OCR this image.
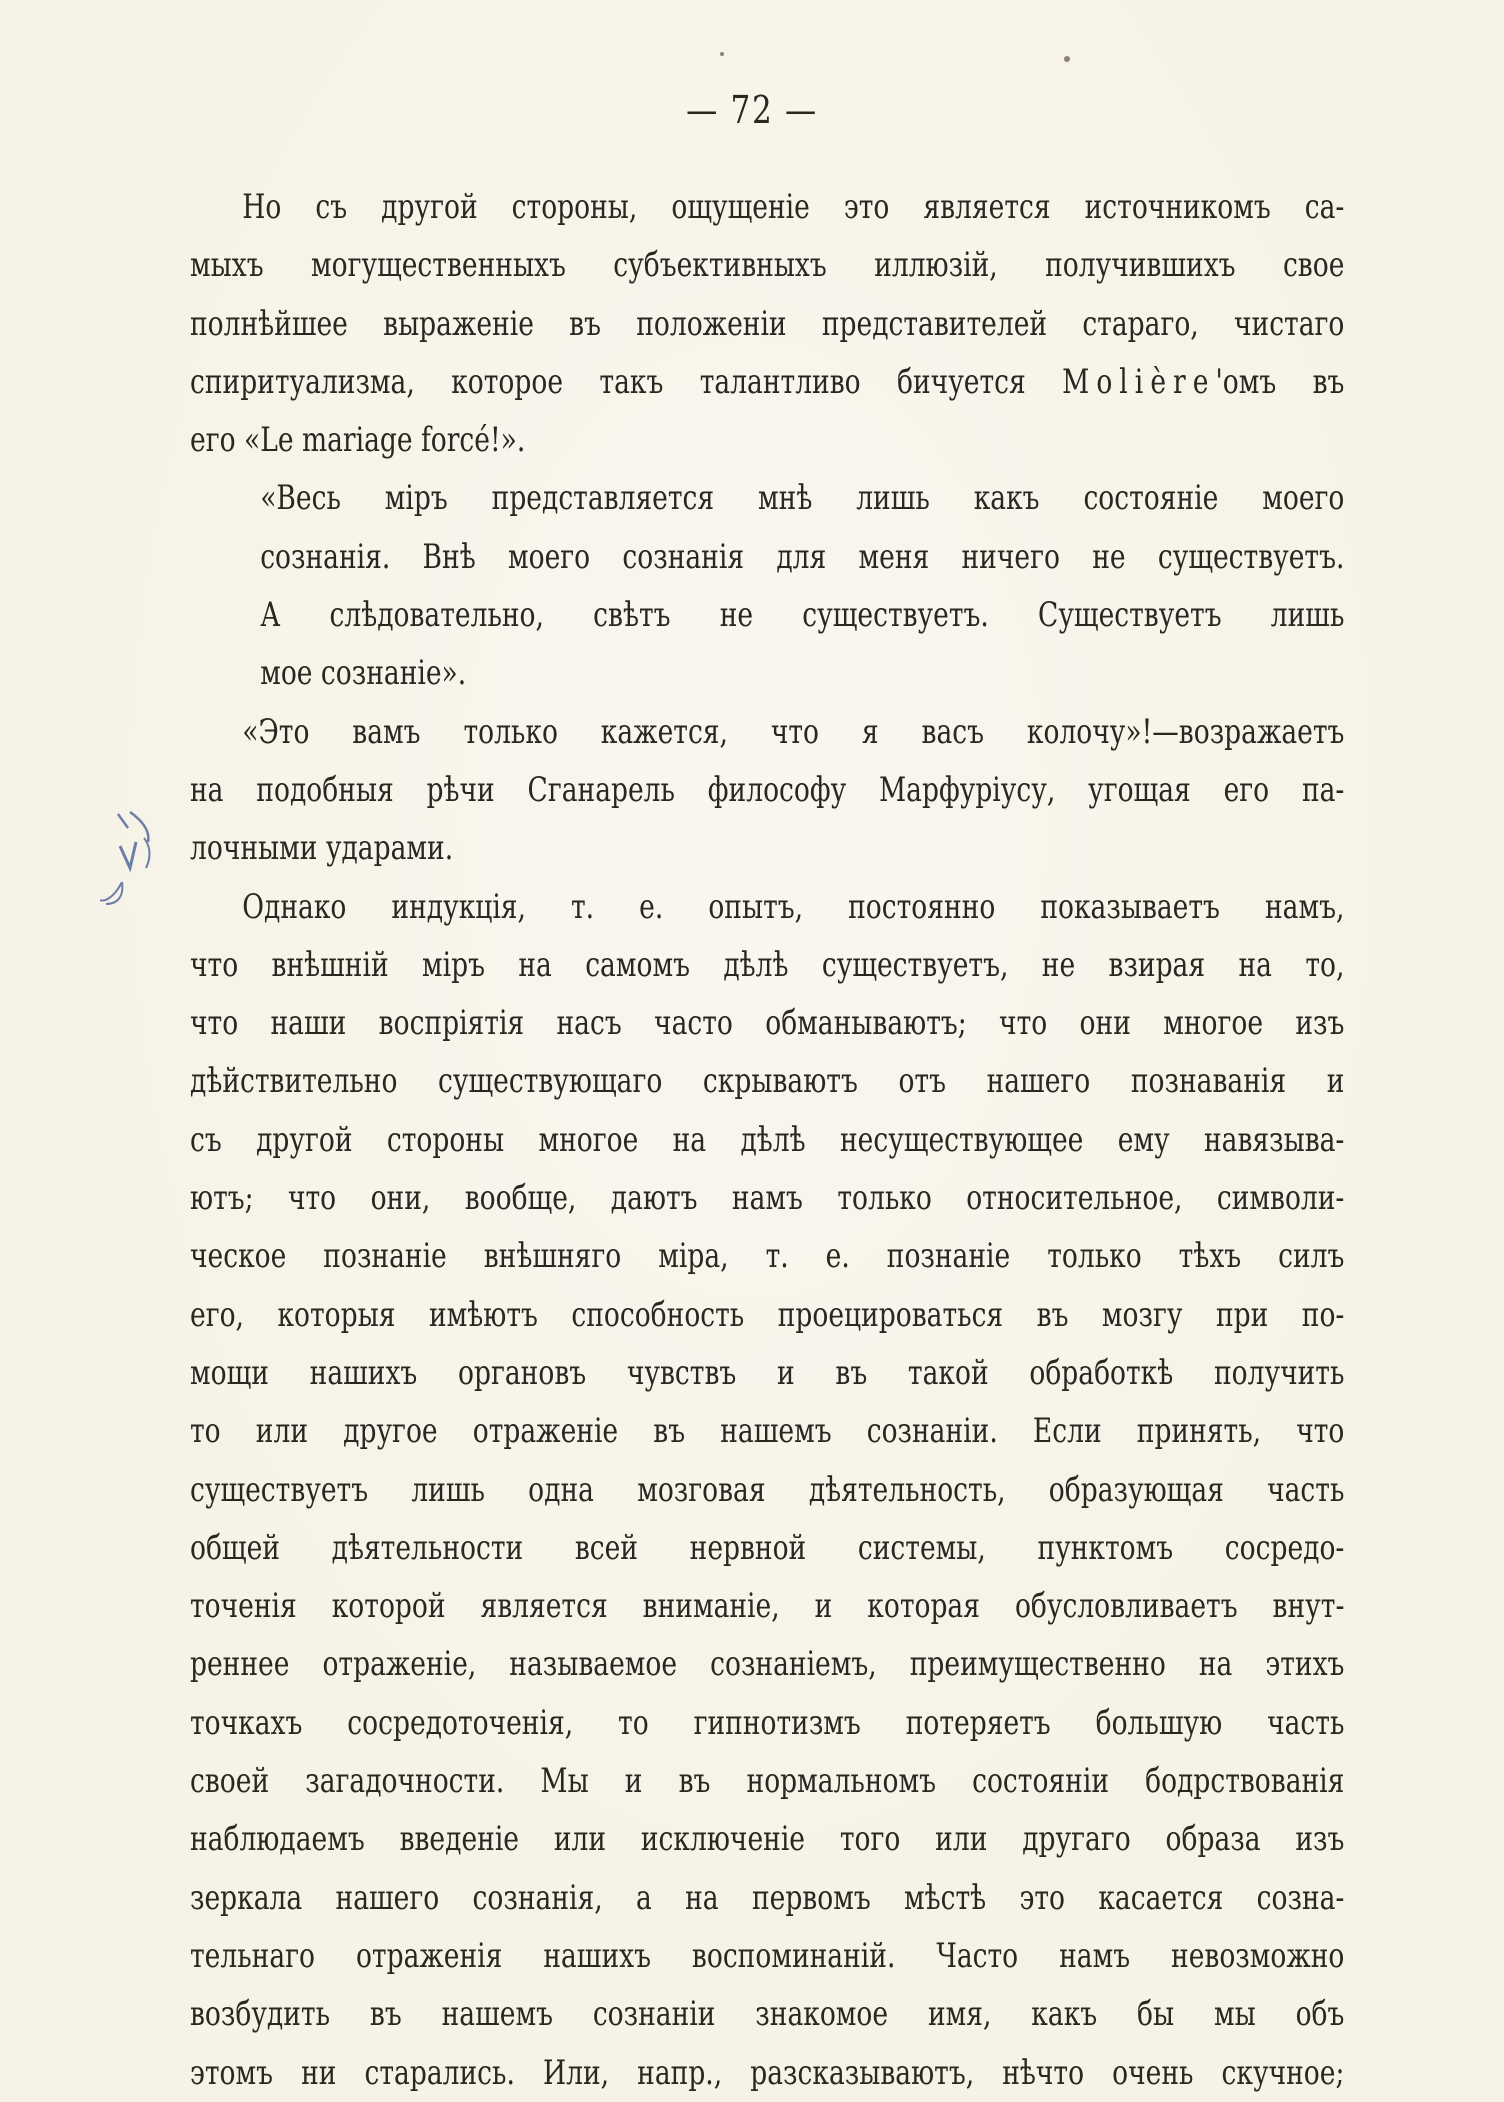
— 72 —
Но съ другой стороны, ощущеніе это является источникомъ са-
мыхъ могущественныхъ субъективныхъ иллюзій, получившихъ свое
полнѣйшее выраженіе въ положеніи представителей стараго, чистаго
спиритуализма, которое такъ талантливо бичуется Molière'омъ въ
его «Le mariage forcé!».
«Весь міръ представляется мнѣ лишь какъ состояніе моего
сознанія. Внѣ моего сознанія для меня ничего не существуетъ.
А слѣдовательно, свѣтъ не существуетъ. Существуетъ лишь
мое сознаніе».
«Это вамъ только кажется, что я васъ колочу»!—возражаетъ
на подобныя рѣчи Сганарель философу Марфуріусу, угощая его па-
лочными ударами.
Однако индукція, т. е. опытъ, постоянно показываетъ намъ,
что внѣшній міръ на самомъ дѣлѣ существуетъ, не взирая на то,
что наши воспріятія насъ часто обманываютъ; что они многое изъ
дѣйствительно существующаго скрываютъ отъ нашего познаванія и
съ другой стороны многое на дѣлѣ несуществующее ему навязыва-
ютъ; что они, вообще, даютъ намъ только относительное, символи-
ческое познаніе внѣшняго міра, т. е. познаніе только тѣхъ силъ
его, которыя имѣютъ способность проецироваться въ мозгу при по-
мощи нашихъ органовъ чувствъ и въ такой обработкѣ получить
то или другое отраженіе въ нашемъ сознаніи. Если принять, что
существуетъ лишь одна мозговая дѣятельность, образующая часть
общей дѣятельности всей нервной системы, пунктомъ сосредо-
точенія которой является вниманіе, и которая обусловливаетъ внут-
реннее отраженіе, называемое сознаніемъ, преимущественно на этихъ
точкахъ сосредоточенія, то гипнотизмъ потеряетъ большую часть
своей загадочности. Мы и въ нормальномъ состояніи бодрствованія
наблюдаемъ введеніе или исключеніе того или другаго образа изъ
зеркала нашего сознанія, а на первомъ мѣстѣ это касается созна-
тельнаго отраженія нашихъ воспоминаній. Часто намъ невозможно
возбудить въ нашемъ сознаніи знакомое имя, какъ бы мы объ
этомъ ни старались. Или, напр., разсказываютъ, нѣчто очень скучное;
